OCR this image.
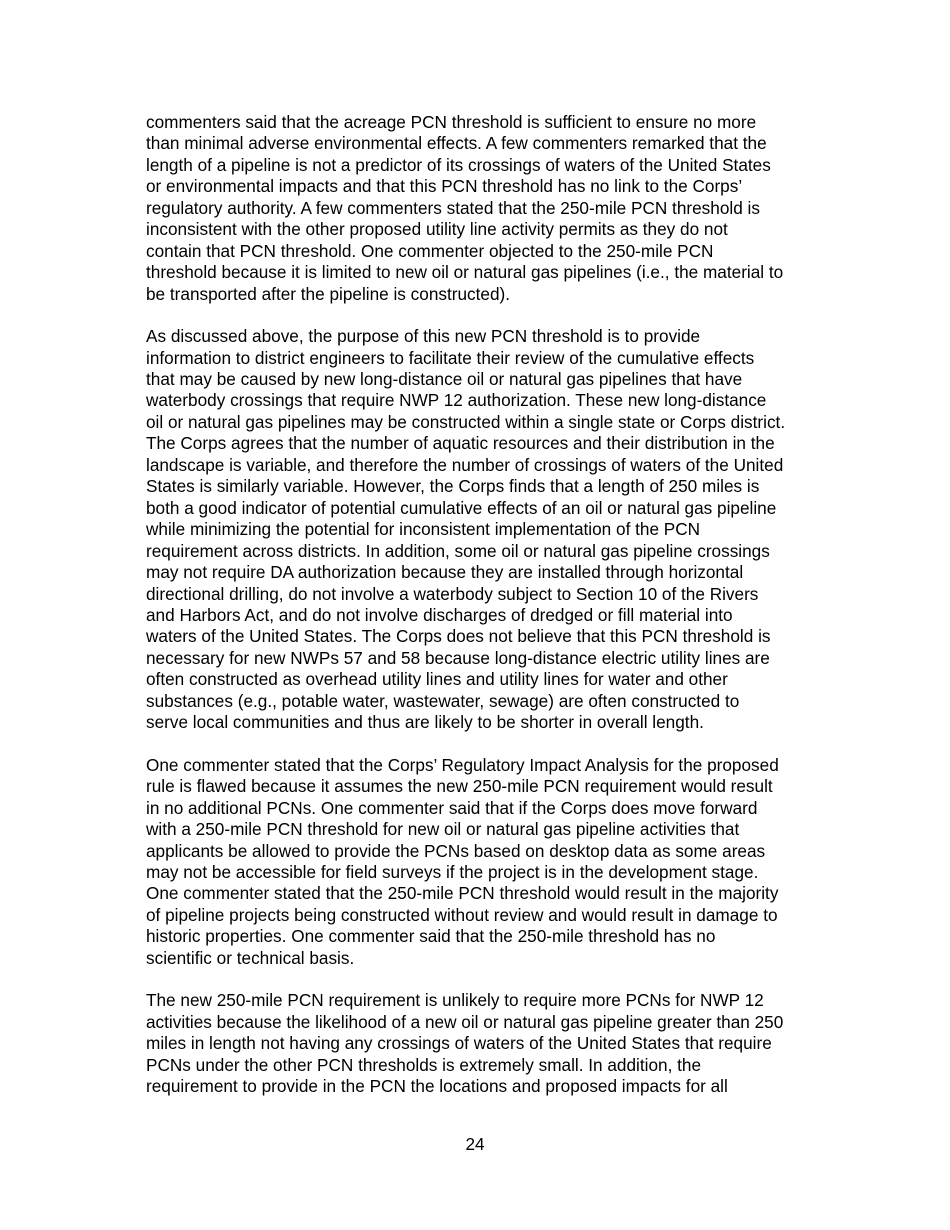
commenters said that the acreage PCN threshold is sufficient to ensure no more
than minimal adverse environmental effects. A few commenters remarked that the
length of a pipeline is not a predictor of its crossings of waters of the United States
or environmental impacts and that this PCN threshold has no link to the Corps’
regulatory authority. A few commenters stated that the 250-mile PCN threshold is
inconsistent with the other proposed utility line activity permits as they do not
contain that PCN threshold. One commenter objected to the 250-mile PCN
threshold because it is limited to new oil or natural gas pipelines (i.e., the material to
be transported after the pipeline is constructed).
As discussed above, the purpose of this new PCN threshold is to provide
information to district engineers to facilitate their review of the cumulative effects
that may be caused by new long-distance oil or natural gas pipelines that have
waterbody crossings that require NWP 12 authorization. These new long-distance
oil or natural gas pipelines may be constructed within a single state or Corps district.
The Corps agrees that the number of aquatic resources and their distribution in the
landscape is variable, and therefore the number of crossings of waters of the United
States is similarly variable. However, the Corps finds that a length of 250 miles is
both a good indicator of potential cumulative effects of an oil or natural gas pipeline
while minimizing the potential for inconsistent implementation of the PCN
requirement across districts. In addition, some oil or natural gas pipeline crossings
may not require DA authorization because they are installed through horizontal
directional drilling, do not involve a waterbody subject to Section 10 of the Rivers
and Harbors Act, and do not involve discharges of dredged or fill material into
waters of the United States. The Corps does not believe that this PCN threshold is
necessary for new NWPs 57 and 58 because long-distance electric utility lines are
often constructed as overhead utility lines and utility lines for water and other
substances (e.g., potable water, wastewater, sewage) are often constructed to
serve local communities and thus are likely to be shorter in overall length.
One commenter stated that the Corps’ Regulatory Impact Analysis for the proposed
rule is flawed because it assumes the new 250-mile PCN requirement would result
in no additional PCNs. One commenter said that if the Corps does move forward
with a 250-mile PCN threshold for new oil or natural gas pipeline activities that
applicants be allowed to provide the PCNs based on desktop data as some areas
may not be accessible for field surveys if the project is in the development stage.
One commenter stated that the 250-mile PCN threshold would result in the majority
of pipeline projects being constructed without review and would result in damage to
historic properties. One commenter said that the 250-mile threshold has no
scientific or technical basis.
The new 250-mile PCN requirement is unlikely to require more PCNs for NWP 12
activities because the likelihood of a new oil or natural gas pipeline greater than 250
miles in length not having any crossings of waters of the United States that require
PCNs under the other PCN thresholds is extremely small. In addition, the
requirement to provide in the PCN the locations and proposed impacts for all
24
